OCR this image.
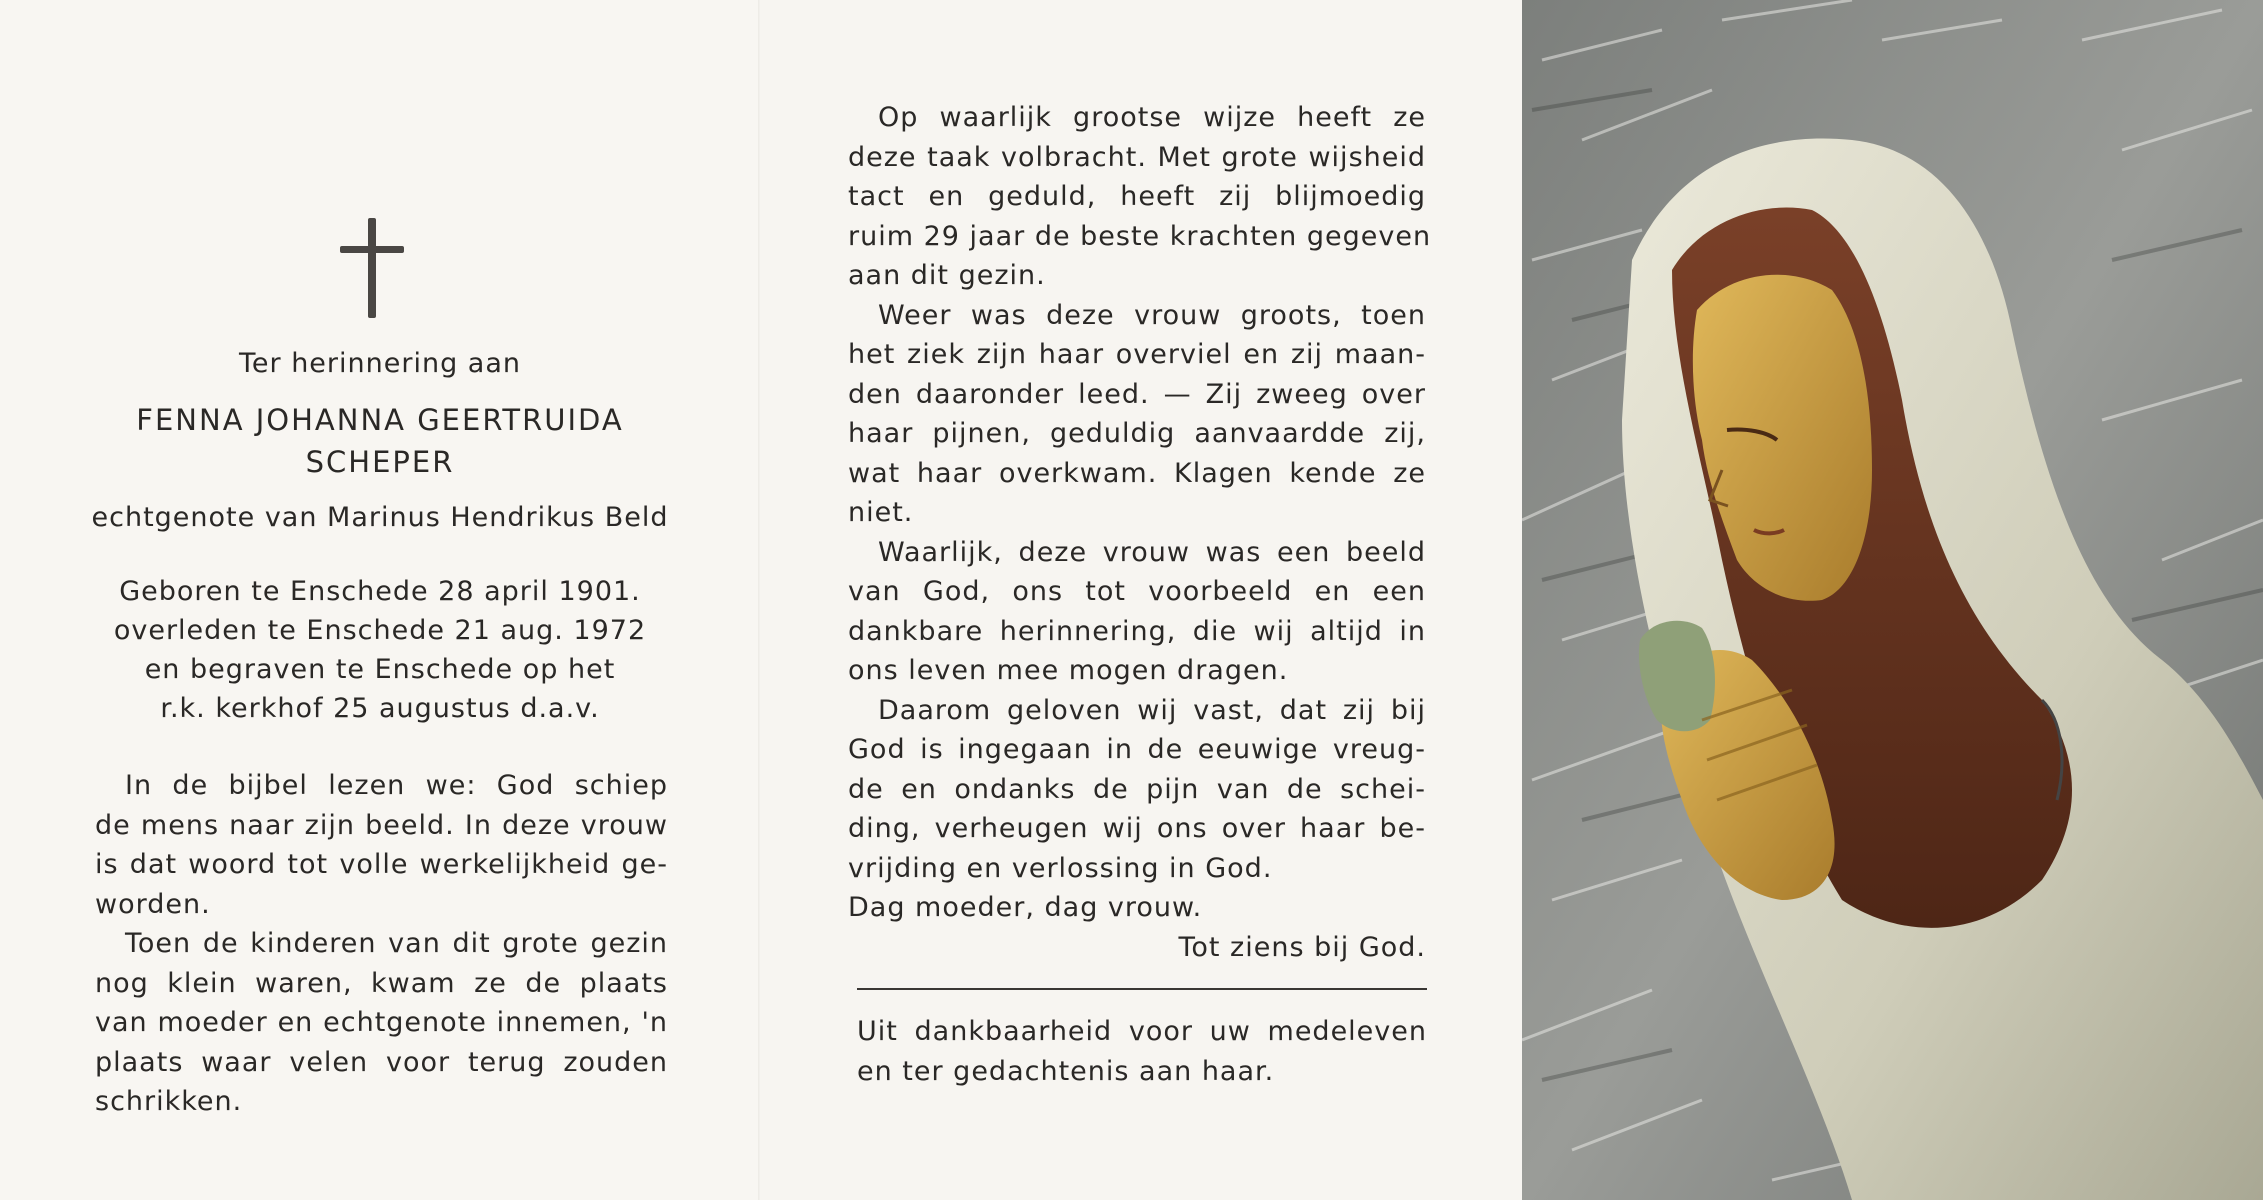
Ter herinnering aan
FENNA JOHANNA GEERTRUIDA
SCHEPER
echtgenote van Marinus Hendrikus Beld
Geboren te Enschede 28 april 1901.
overleden te Enschede 21 aug. 1972
en begraven te Enschede op het
r.k. kerkhof 25 augustus d.a.v.
In de bijbel lezen we: God schiep
de mens naar zijn beeld. In deze vrouw
is dat woord tot volle werkelijkheid ge-
worden.
Toen de kinderen van dit grote gezin
nog klein waren, kwam ze de plaats
van moeder en echtgenote innemen, 'n
plaats waar velen voor terug zouden
schrikken.
Op waarlijk grootse wijze heeft ze
deze taak volbracht. Met grote wijsheid
tact en geduld, heeft zij blijmoedig
ruim 29 jaar de beste krachten gegeven
aan dit gezin.
Weer was deze vrouw groots, toen
het ziek zijn haar overviel en zij maan-
den daaronder leed. — Zij zweeg over
haar pijnen, geduldig aanvaardde zij,
wat haar overkwam. Klagen kende ze
niet.
Waarlijk, deze vrouw was een beeld
van God, ons tot voorbeeld en een
dankbare herinnering, die wij altijd in
ons leven mee mogen dragen.
Daarom geloven wij vast, dat zij bij
God is ingegaan in de eeuwige vreug-
de en ondanks de pijn van de schei-
ding, verheugen wij ons over haar be-
vrijding en verlossing in God.
Dag moeder, dag vrouw.
Tot ziens bij God.
Uit dankbaarheid voor uw medeleven
en ter gedachtenis aan haar.
